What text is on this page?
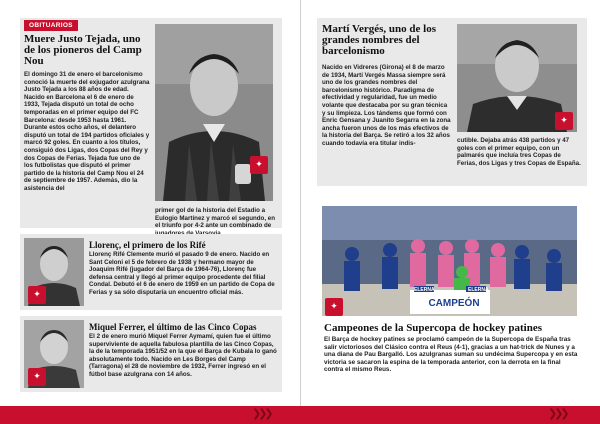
OBITUARIOS
Muere Justo Tejada, uno de los pioneros del Camp Nou
El domingo 31 de enero el barcelonismo conoció la muerte del exjugador azulgrana Justo Tejada a los 88 años de edad. Nacido en Barcelona el 6 de enero de 1933, Tejada disputó un total de ocho temporadas en el primer equipo del FC Barcelona: desde 1953 hasta 1961. Durante estos ocho años, el delantero disputó un total de 194 partidos oficiales y marcó 92 goles. En cuanto a los títulos, consiguió dos Ligas, dos Copas del Rey y dos Copas de Ferias. Tejada fue uno de los futbolistas que disputó el primer partido de la historia del Camp Nou el 24 de septiembre de 1957. Además, dio la asistencia del
✦
primer gol de la historia del Estadio a Eulogio Martínez y marcó el segundo, en el triunfo por 4-2 ante un combinado de
✦
Llorenç, el primero de los Rifé
Llorenç Rifé Clemente murió el pasado 9 de enero. Nacido en Sant Celoni el 5 de febrero de 1938 y hermano mayor de Joaquim Rifé (jugador del Barça de 1964-76), Llorenç fue defensa central y llegó al primer equipo procedente del filial Condal. Debutó el 6 de enero de 1959 en un partido de Copa de Ferias y sa sólo disputaría un encuentro oficial más.
✦
Miquel Ferrer, el último de las Cinco Copas
El 2 de enero murió Miquel Ferrer Aymamí, quien fue el último superviviente de aquella fabulosa plantilla de las Cinco Copas, la de la temporada 1951/52 en la que el Barça de Kubala lo ganó absolutamente todo. Nacido en Les Borges del Camp (Tarragona) el 28 de noviembre de 1932, Ferrer ingresó en el fútbol base azulgrana con 14 años.
❯❯❯
Martí Vergés, uno de los grandes nombres del barcelonismo
Nacido en Vidreres (Girona) el 8 de marzo de 1934, Martí Vergés Massa siempre será uno de los grandes nombres del barcelonismo histórico. Paradigma de efectividad y regularidad, fue un medio volante que destacaba por su gran técnica y su limpieza. Los tándems que formó con Enric Gensana y Juanito Segarra en la zona ancha fueron unos de los más efectivos de la historia del Barça. Se retiró a los 32 años cuando todavía era titular indis-
✦
cutible. Dejaba atrás 438 partidos y 47 goles con el primer equipo, con un palmarés que incluía tres Copas de Ferias, dos Ligas y tres Copas de España.
ELERNA	ELERNA
CAMPEÓN
✦
Campeones de la Supercopa de hockey patines
El Barça de hockey patines se proclamó campeón de la Supercopa de España tras salir victoriosos del Clásico contra el Reus (4-1), gracias a un hat-trick de Nunes y a una diana de Pau Bargalló. Los azulgranas suman su undécima Supercopa y en esta victoria se sacaron la espina de la temporada anterior, con la derrota en la final contra el mismo Reus.
❯❯❯
